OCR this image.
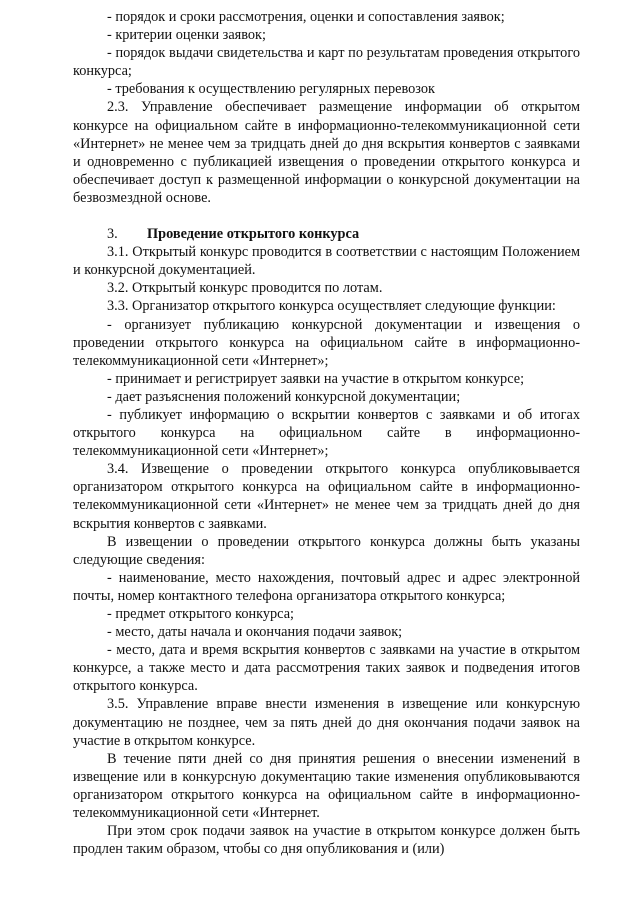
- порядок и сроки рассмотрения, оценки и сопоставления заявок;

- критерии оценки заявок;

- порядок выдачи свидетельства и карт по результатам проведения открытого конкурса;

- требования к осуществлению регулярных перевозок

2.3. Управление обеспечивает размещение информации об открытом конкурсе на официальном сайте в информационно-телекоммуникационной сети «Интернет» не менее чем за тридцать дней до дня вскрытия конвертов с заявками и одновременно с публикацией извещения о проведении открытого конкурса и обеспечивает доступ к размещенной информации о конкурсной документации на безвозмездной основе.

3. Проведение открытого конкурса

3.1. Открытый конкурс проводится в соответствии с настоящим Положением и конкурсной документацией.

3.2. Открытый конкурс проводится по лотам.

3.3. Организатор открытого конкурса осуществляет следующие функции:

- организует публикацию конкурсной документации и извещения о проведении открытого конкурса на официальном сайте в информационно-телекоммуникационной сети «Интернет»;

- принимает и регистрирует заявки на участие в открытом конкурсе;

- дает разъяснения положений конкурсной документации;

- публикует информацию о вскрытии конвертов с заявками и об итогах открытого конкурса на официальном сайте в информационно-телекоммуникационной сети «Интернет»;

3.4. Извещение о проведении открытого конкурса опубликовывается организатором открытого конкурса на официальном сайте в информационно-телекоммуникационной сети «Интернет» не менее чем за тридцать дней до дня вскрытия конвертов с заявками.

В извещении о проведении открытого конкурса должны быть указаны следующие сведения:

- наименование, место нахождения, почтовый адрес и адрес электронной почты, номер контактного телефона организатора открытого конкурса;

- предмет открытого конкурса;

- место, даты начала и окончания подачи заявок;

- место, дата и время вскрытия конвертов с заявками на участие в открытом конкурсе, а также место и дата рассмотрения таких заявок и подведения итогов открытого конкурса.

3.5. Управление вправе внести изменения в извещение или конкурсную документацию не позднее, чем за пять дней до дня окончания подачи заявок на участие в открытом конкурсе.

В течение пяти дней со дня принятия решения о внесении изменений в извещение или в конкурсную документацию такие изменения опубликовываются организатором открытого конкурса на официальном сайте в информационно-телекоммуникационной сети «Интернет.

При этом срок подачи заявок на участие в открытом конкурсе должен быть продлен таким образом, чтобы со дня опубликования и (или)
